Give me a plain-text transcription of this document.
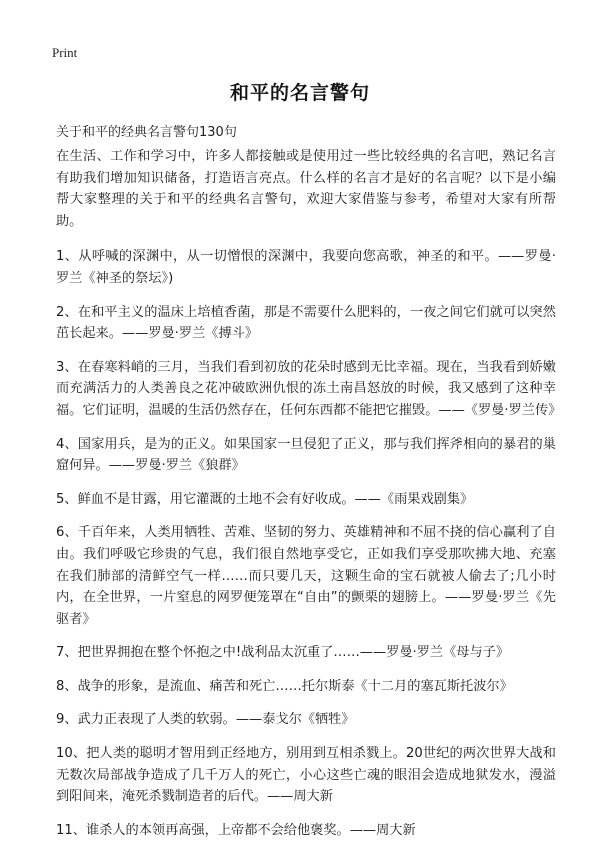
Print
和平的名言警句
关于和平的经典名言警句130句

在生活、工作和学习中，许多人都接触或是使用过一些比较经典的名言吧，熟记名言有助我们增加知识储备，打造语言亮点。什么样的名言才是好的名言呢？以下是小编帮大家整理的关于和平的经典名言警句，欢迎大家借鉴与参考，希望对大家有所帮助。

1、从呼喊的深渊中，从一切憎恨的深渊中，我要向您高歌，神圣的和平。——罗曼·罗兰《神圣的祭坛》)

2、在和平主义的温床上培植香菌，那是不需要什么肥料的，一夜之间它们就可以突然茁长起来。——罗曼·罗兰《搏斗》

3、在春寒料峭的三月，当我们看到初放的花朵时感到无比幸福。现在，当我看到娇嫩而充满活力的人类善良之花冲破欧洲仇恨的冻土南昌怒放的时候，我又感到了这种幸福。它们证明，温暖的生活仍然存在，任何东西都不能把它摧毁。——《罗曼·罗兰传》

4、国家用兵，是为的正义。如果国家一旦侵犯了正义，那与我们挥斧相向的暴君的巢窟何异。——罗曼·罗兰《狼群》

5、鲜血不是甘露，用它灌溉的土地不会有好收成。——《雨果戏剧集》

6、千百年来，人类用牺牲、苦难、坚韧的努力、英雄精神和不屈不挠的信心赢利了自由。我们呼吸它珍贵的气息，我们很自然地享受它，正如我们享受那吹拂大地、充塞在我们肺部的清鲜空气一样……而只要几天，这颗生命的宝石就被人偷去了;几小时内，在全世界，一片窒息的网罗便笼罩在“自由”的颤栗的翅膀上。——罗曼·罗兰《先驱者》

7、把世界拥抱在整个怀抱之中!战利品太沉重了……——罗曼·罗兰《母与子》

8、战争的形象，是流血、痛苦和死亡……托尔斯泰《十二月的塞瓦斯托波尔》

9、武力正表现了人类的软弱。——泰戈尔《牺牲》

10、把人类的聪明才智用到正经地方，别用到互相杀戮上。20世纪的两次世界大战和无数次局部战争造成了几千万人的死亡，小心这些亡魂的眼泪会造成地狱发水，漫溢到阳间来，淹死杀戮制造者的后代。——周大新

11、谁杀人的本领再高强，上帝都不会给他褒奖。——周大新
